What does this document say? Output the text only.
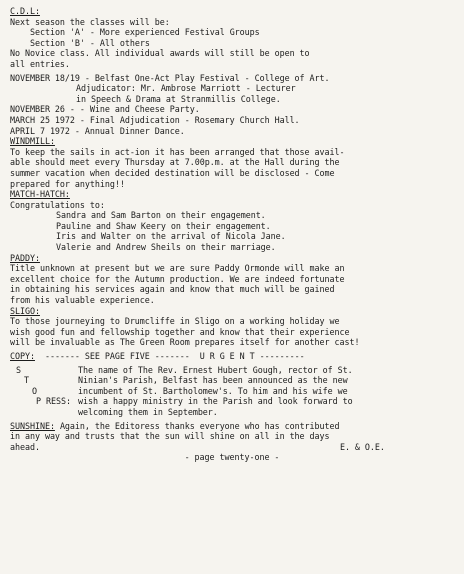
C.D.L:
Next season the classes will be:
Section 'A' - More experienced Festival Groups
Section 'B' - All others
No Novice class. All individual awards will still be open to
all entries.
NOVEMBER 18/19 - Belfast One-Act Play Festival - College of Art.
Adjudicator: Mr. Ambrose Marriott - Lecturer
in Speech & Drama at Stranmillis College.
NOVEMBER 26 - - Wine and Cheese Party.
MARCH 25 1972 - Final Adjudication - Rosemary Church Hall.
APRIL 7 1972 - Annual Dinner Dance.
WINDMILL:
To keep the sails in act-ion it has been arranged that those avail-
able should meet every Thursday at 7.00p.m. at the Hall during the
summer vacation when decided destination will be disclosed - Come
prepared for anything!!
MATCH-HATCH:
Congratulations to:
Sandra and Sam Barton on their engagement.
Pauline and Shaw Keery on their engagement.
Iris and Walter on the arrival of Nicola Jane.
Valerie and Andrew Sheils on their marriage.
PADDY:
Title unknown at present but we are sure Paddy Ormonde will make an
excellent choice for the Autumn production. We are indeed fortunate
in obtaining his services again and know that much will be gained
from his valuable experience.
SLIGO:
To those journeying to Drumcliffe in Sligo on a working holiday we
wish good fun and fellowship together and know that their experience
will be invaluable as The Green Room prepares itself for another cast!
COPY: ------- SEE PAGE FIVE ------- U R G E N T ---------
S
T
O
P RESS:
The name of The Rev. Ernest Hubert Gough, rector of St.
Ninian's Parish, Belfast has been announced as the new
incumbent of St. Bartholomew's. To him and his wife we
wish a happy ministry in the Parish and look forward to
welcoming them in September.
SUNSHINE: Again, the Editoress thanks everyone who has contributed
in any way and trusts that the sun will shine on all in the days
ahead.	E. & O.E.
- page twenty-one -
